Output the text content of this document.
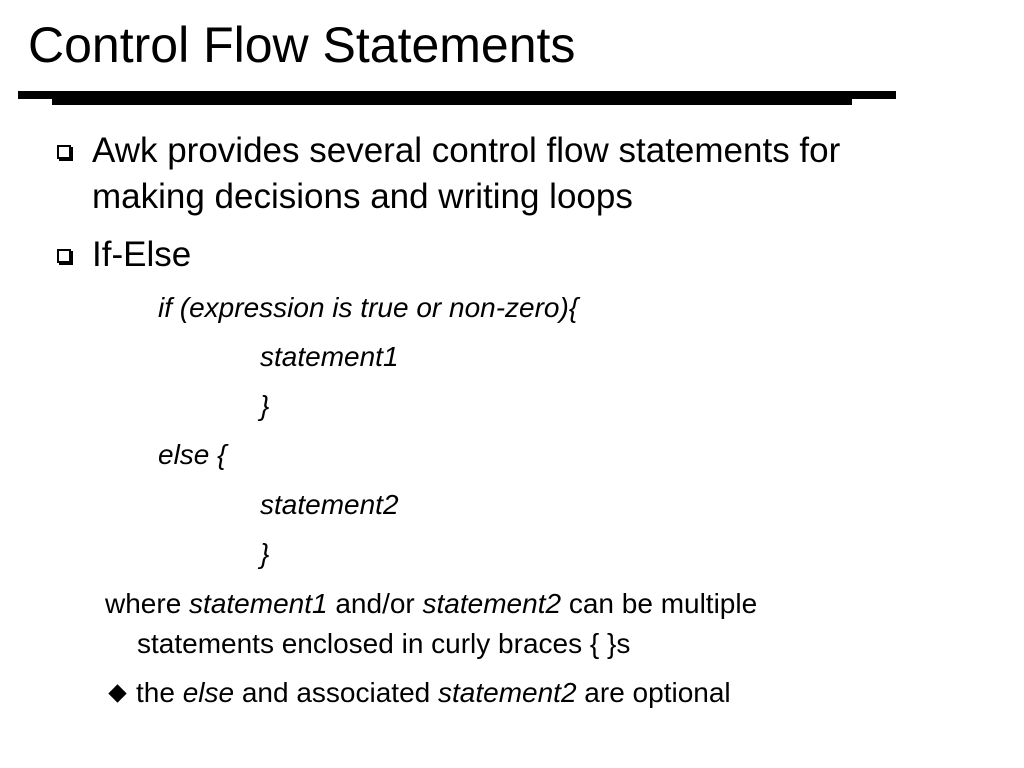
Control Flow Statements

Awk provides several control flow statements for

making decisions and writing loops

If-Else

if (expression is true or non-zero){

statement1

}

else {

statement2

}

where statement1 and/or statement2 can be multiple

statements enclosed in curly braces { }s

the else and associated statement2 are optional
